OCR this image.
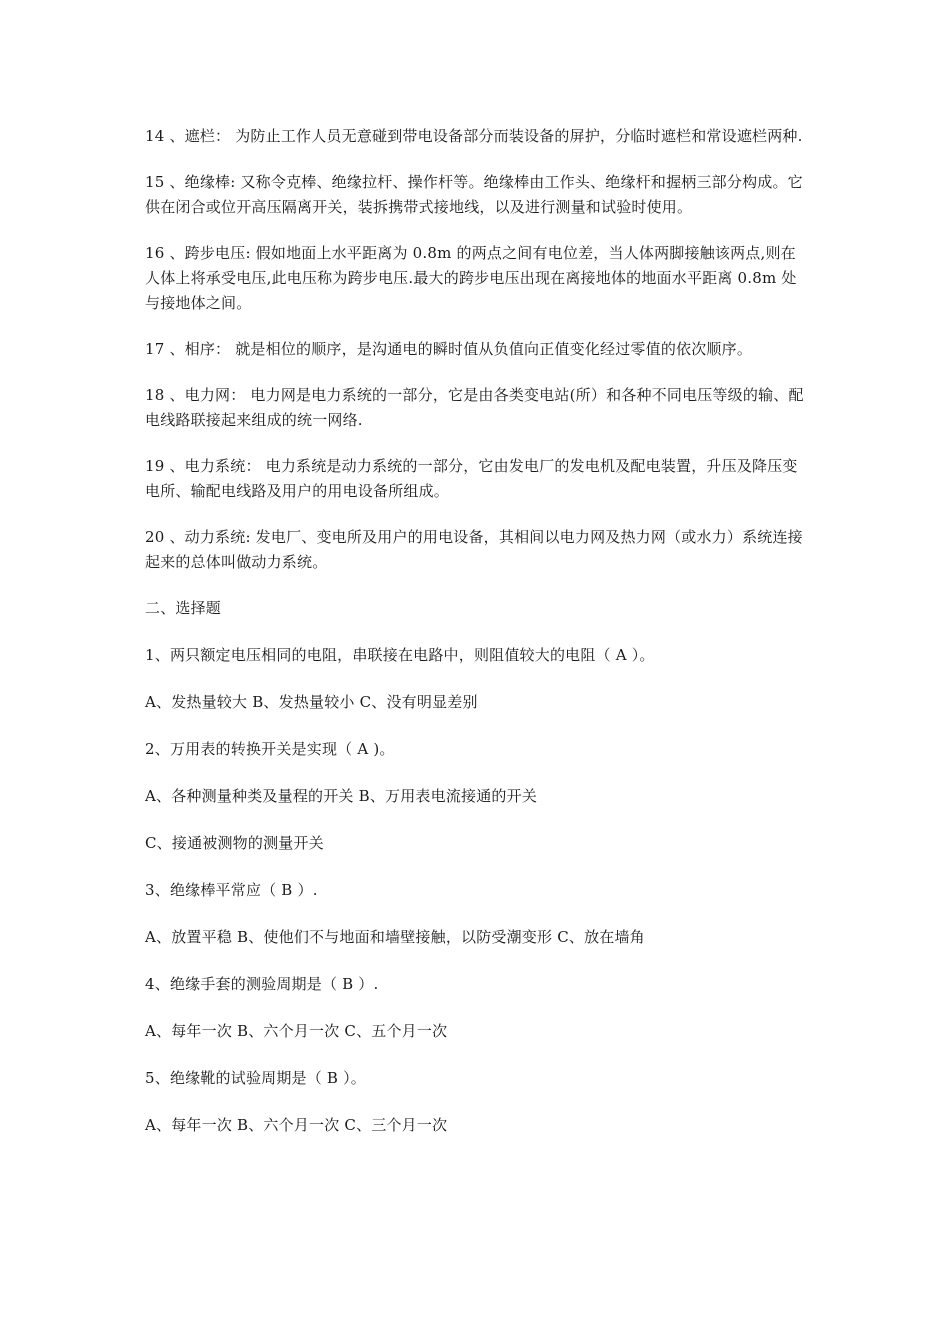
14 、遮栏： 为防止工作人员无意碰到带电设备部分而装设备的屏护，分临时遮栏和常设遮栏两种.

15 、绝缘棒: 又称令克棒、绝缘拉杆、操作杆等。绝缘棒由工作头、绝缘杆和握柄三部分构成。它供在闭合或位开高压隔离开关，装拆携带式接地线，以及进行测量和试验时使用。

16 、跨步电压: 假如地面上水平距离为 0.8m 的两点之间有电位差，当人体两脚接触该两点,则在人体上将承受电压,此电压称为跨步电压.最大的跨步电压出现在离接地体的地面水平距离 0.8m 处与接地体之间。

17 、相序： 就是相位的顺序，是沟通电的瞬时值从负值向正值变化经过零值的依次顺序。

18 、电力网： 电力网是电力系统的一部分，它是由各类变电站(所）和各种不同电压等级的输、配电线路联接起来组成的统一网络.

19 、电力系统： 电力系统是动力系统的一部分，它由发电厂的发电机及配电装置，升压及降压变电所、输配电线路及用户的用电设备所组成。

20 、动力系统: 发电厂、变电所及用户的用电设备，其相间以电力网及热力网（或水力）系统连接起来的总体叫做动力系统。

二、选择题

1、两只额定电压相同的电阻，串联接在电路中，则阻值较大的电阻（ A ）。

A、发热量较大 B、发热量较小 C、没有明显差别

2、万用表的转换开关是实现（ A )。

A、各种测量种类及量程的开关 B、万用表电流接通的开关

C、接通被测物的测量开关

3、绝缘棒平常应（ B ）.

A、放置平稳 B、使他们不与地面和墙壁接触，以防受潮变形 C、放在墙角

4、绝缘手套的测验周期是（ B ）.

A、每年一次 B、六个月一次 C、五个月一次

5、绝缘靴的试验周期是（ B ）。

A、每年一次 B、六个月一次 C、三个月一次
